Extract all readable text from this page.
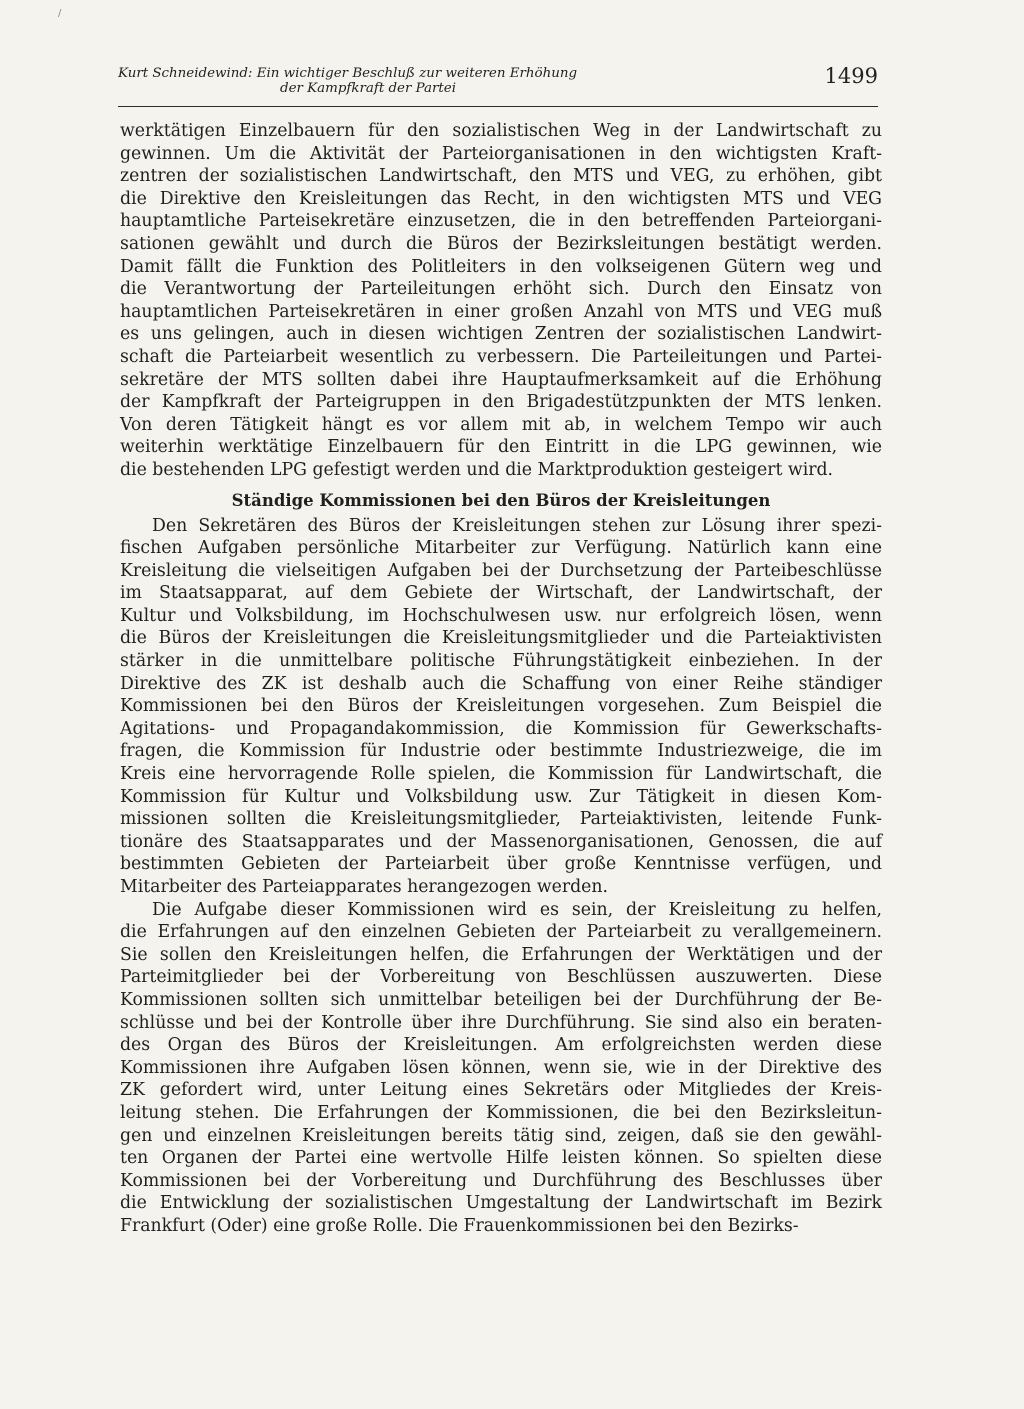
/
Kurt Schneidewind: Ein wichtiger Beschluß zur weiteren Erhöhung
der Kampfkraft der Partei
1499

werktätigen Einzelbauern für den sozialistischen Weg in der Landwirtschaft zu
gewinnen. Um die Aktivität der Parteiorganisationen in den wichtigsten Kraft-
zentren der sozialistischen Landwirtschaft, den MTS und VEG, zu erhöhen, gibt
die Direktive den Kreisleitungen das Recht, in den wichtigsten MTS und VEG
hauptamtliche Parteisekretäre einzusetzen, die in den betreffenden Parteiorgani-
sationen gewählt und durch die Büros der Bezirksleitungen bestätigt werden.
Damit fällt die Funktion des Politleiters in den volkseigenen Gütern weg und
die Verantwortung der Parteileitungen erhöht sich. Durch den Einsatz von
hauptamtlichen Parteisekretären in einer großen Anzahl von MTS und VEG muß
es uns gelingen, auch in diesen wichtigen Zentren der sozialistischen Landwirt-
schaft die Parteiarbeit wesentlich zu verbessern. Die Parteileitungen und Partei-
sekretäre der MTS sollten dabei ihre Hauptaufmerksamkeit auf die Erhöhung
der Kampfkraft der Parteigruppen in den Brigadestützpunkten der MTS lenken.
Von deren Tätigkeit hängt es vor allem mit ab, in welchem Tempo wir auch
weiterhin werktätige Einzelbauern für den Eintritt in die LPG gewinnen, wie
die bestehenden LPG gefestigt werden und die Marktproduktion gesteigert wird.

Ständige Kommissionen bei den Büros der Kreisleitungen

Den Sekretären des Büros der Kreisleitungen stehen zur Lösung ihrer spezi-
fischen Aufgaben persönliche Mitarbeiter zur Verfügung. Natürlich kann eine
Kreisleitung die vielseitigen Aufgaben bei der Durchsetzung der Parteibeschlüsse
im Staatsapparat, auf dem Gebiete der Wirtschaft, der Landwirtschaft, der
Kultur und Volksbildung, im Hochschulwesen usw. nur erfolgreich lösen, wenn
die Büros der Kreisleitungen die Kreisleitungsmitglieder und die Parteiaktivisten
stärker in die unmittelbare politische Führungstätigkeit einbeziehen. In der
Direktive des ZK ist deshalb auch die Schaffung von einer Reihe ständiger
Kommissionen bei den Büros der Kreisleitungen vorgesehen. Zum Beispiel die
Agitations- und Propagandakommission, die Kommission für Gewerkschafts-
fragen, die Kommission für Industrie oder bestimmte Industriezweige, die im
Kreis eine hervorragende Rolle spielen, die Kommission für Landwirtschaft, die
Kommission für Kultur und Volksbildung usw. Zur Tätigkeit in diesen Kom-
missionen sollten die Kreisleitungsmitglieder, Parteiaktivisten, leitende Funk-
tionäre des Staatsapparates und der Massenorganisationen, Genossen, die auf
bestimmten Gebieten der Parteiarbeit über große Kenntnisse verfügen, und
Mitarbeiter des Parteiapparates herangezogen werden.

Die Aufgabe dieser Kommissionen wird es sein, der Kreisleitung zu helfen,
die Erfahrungen auf den einzelnen Gebieten der Parteiarbeit zu verallgemeinern.
Sie sollen den Kreisleitungen helfen, die Erfahrungen der Werktätigen und der
Parteimitglieder bei der Vorbereitung von Beschlüssen auszuwerten. Diese
Kommissionen sollten sich unmittelbar beteiligen bei der Durchführung der Be-
schlüsse und bei der Kontrolle über ihre Durchführung. Sie sind also ein beraten-
des Organ des Büros der Kreisleitungen. Am erfolgreichsten werden diese
Kommissionen ihre Aufgaben lösen können, wenn sie, wie in der Direktive des
ZK gefordert wird, unter Leitung eines Sekretärs oder Mitgliedes der Kreis-
leitung stehen. Die Erfahrungen der Kommissionen, die bei den Bezirksleitun-
gen und einzelnen Kreisleitungen bereits tätig sind, zeigen, daß sie den gewähl-
ten Organen der Partei eine wertvolle Hilfe leisten können. So spielten diese
Kommissionen bei der Vorbereitung und Durchführung des Beschlusses über
die Entwicklung der sozialistischen Umgestaltung der Landwirtschaft im Bezirk
Frankfurt (Oder) eine große Rolle. Die Frauenkommissionen bei den Bezirks-
